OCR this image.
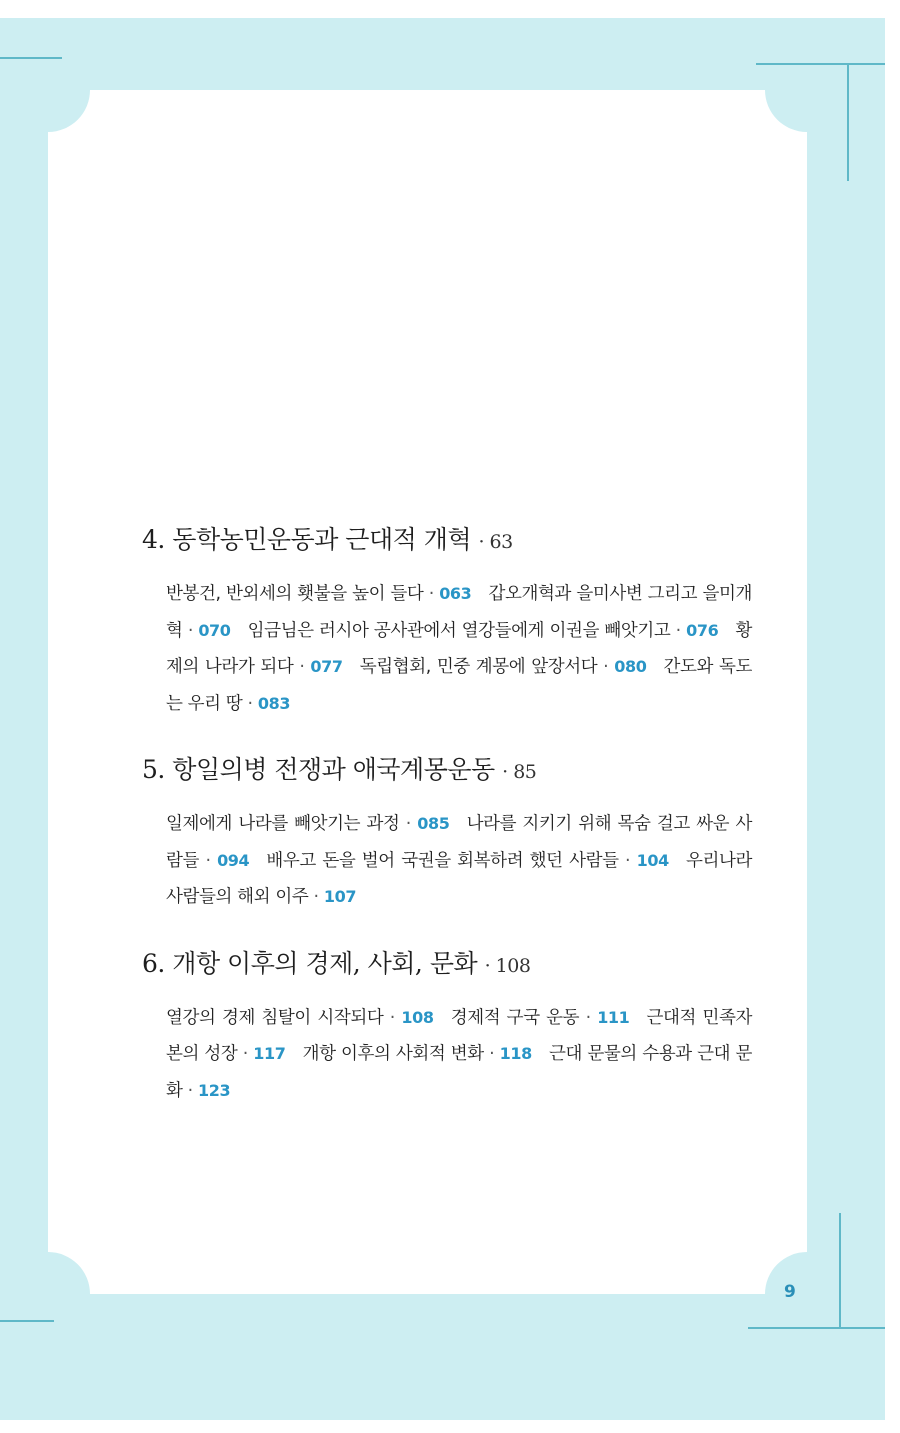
4. 동학농민운동과 근대적 개혁 · 63
반봉건, 반외세의 횃불을 높이 들다 · 063  갑오개혁과 을미사변 그리고 을미개혁 · 070  임금님은 러시아 공사관에서 열강들에게 이권을 빼앗기고 · 076  황제의 나라가 되다 · 077  독립협회, 민중 계몽에 앞장서다 · 080  간도와 독도는 우리 땅 · 083
5. 항일의병 전쟁과 애국계몽운동 · 85
일제에게 나라를 빼앗기는 과정 · 085  나라를 지키기 위해 목숨 걸고 싸운 사람들 · 094  배우고 돈을 벌어 국권을 회복하려 했던 사람들 · 104  우리나라 사람들의 해외 이주 · 107
6. 개항 이후의 경제, 사회, 문화 · 108
열강의 경제 침탈이 시작되다 · 108  경제적 구국 운동 · 111  근대적 민족자본의 성장 · 117  개항 이후의 사회적 변화 · 118  근대 문물의 수용과 근대 문화 · 123
9
